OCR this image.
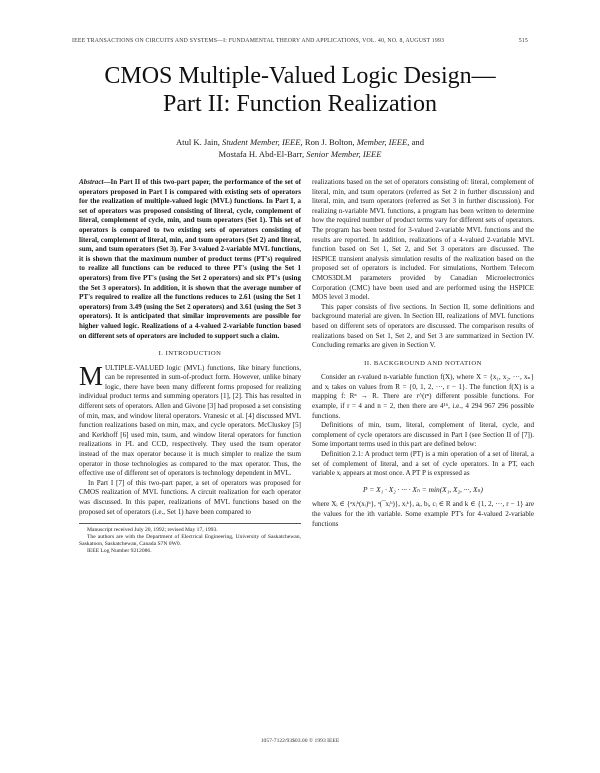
IEEE TRANSACTIONS ON CIRCUITS AND SYSTEMS—I: FUNDAMENTAL THEORY AND APPLICATIONS, VOL. 40, NO. 8, AUGUST 1993	515
CMOS Multiple-Valued Logic Design—
Part II: Function Realization
Atul K. Jain, Student Member, IEEE, Ron J. Bolton, Member, IEEE, and
Mostafa H. Abd-El-Barr, Senior Member, IEEE

Abstract—In Part II of this two-part paper, the performance of the set of operators proposed in Part I is compared with existing sets of operators for the realization of multiple-valued logic (MVL) functions. In Part I, a set of operators was proposed consisting of literal, cycle, complement of literal, complement of cycle, min, and tsum operators (Set 1). This set of operators is compared to two existing sets of operators consisting of literal, complement of literal, min, and tsum operators (Set 2) and literal, sum, and tsum operators (Set 3). For 3-valued 2-variable MVL functions, it is shown that the maximum number of product terms (PT's) required to realize all functions can be reduced to three PT's (using the Set 1 operators) from five PT's (using the Set 2 operators) and six PT's (using the Set 3 operators). In addition, it is shown that the average number of PT's required to realize all the functions reduces to 2.61 (using the Set 1 operators) from 3.49 (using the Set 2 operators) and 3.61 (using the Set 3 operators). It is anticipated that similar improvements are possible for higher valued logic. Realizations of a 4-valued 2-variable function based on different sets of operators are included to support such a claim.

I. INTRODUCTION

MULTIPLE-VALUED logic (MVL) functions, like binary functions, can be represented in sum-of-product form. However, unlike binary logic, there have been many different forms proposed for realizing individual product terms and summing operators [1], [2]. This has resulted in different sets of operators. Allen and Givone [3] had proposed a set consisting of min, max, and window literal operators. Vranesic et al. [4] discussed MVL function realizations based on min, max, and cycle operators. McCluskey [5] and Kerkhoff [6] used min, tsum, and window literal operators for function realizations in I²L and CCD, respectively. They used the tsum operator instead of the max operator because it is much simpler to realize the tsum operator in those technologies as compared to the max operator. Thus, the effective use of different set of operators is technology dependent in MVL.

In Part I [7] of this two-part paper, a set of operators was proposed for CMOS realization of MVL functions. A circuit realization for each operator was discussed. In this paper, realizations of MVL functions based on the proposed set of operators (i.e., Set 1) have been compared to

Manuscript received July 20, 1992; revised May 17, 1993.

The authors are with the Department of Electrical Engineering, University of Saskatchewan, Saskatoon, Saskatchewan, Canada S7N 0W0.

IEEE Log Number 9212086.

realizations based on the set of operators consisting of: literal, complement of literal, min, and tsum operators (referred as Set 2 in further discussion) and literal, min, and tsum operators (referred as Set 3 in further discussion). For realizing n-variable MVL functions, a program has been written to determine how the required number of product terms vary for different sets of operators. The program has been tested for 3-valued 2-variable MVL functions and the results are reported. In addition, realizations of a 4-valued 2-variable MVL function based on Set 1, Set 2, and Set 3 operators are discussed. The HSPICE transient analysis simulation results of the realization based on the proposed set of operators is included. For simulations, Northern Telecom CMOS3DLM parameters provided by Canadian Microelectronics Corporation (CMC) have been used and are performed using the HSPICE MOS level 3 model.

This paper consists of five sections. In Section II, some definitions and background material are given. In Section III, realizations of MVL functions based on different sets of operators are discussed. The comparison results of realizations based on Set 1, Set 2, and Set 3 are summarized in Section IV. Concluding remarks are given in Section V.

II. BACKGROUND AND NOTATION

Consider an r-valued n-variable function f(X), where X = {x₁, x₂, ···, xₙ} and xᵢ takes on values from R = {0, 1, 2, ···, r − 1}. The function f(X) is a mapping f: Rⁿ → R. There are r^(rⁿ) different possible functions. For example, if r = 4 and n = 2, then there are 4¹⁶, i.e., 4 294 967 296 possible functions.

Definitions of min, tsum, literal, complement of literal, cycle, and complement of cycle operators are discussed in Part I (see Section II of [7]). Some important terms used in this part are defined below:

Definition 2.1: A product term (PT) is a min operation of a set of literal, a set of complement of literal, and a set of cycle operators. In a PT, each variable xᵢ appears at most once. A PT P is expressed as

P = X₁ · X₂ · ··· · Xₙ = min(X₁, X₂, ···, Xₙ)

where Xᵢ ∈ {ᵃxᵢᵇ(xᵢ)ᵇ}, ᵃ(¯xᵢᵇ)}, xᵢᵏ}, aᵢ, bᵢ, cᵢ ∈ R and k ∈ {1, 2, ···, r − 1} are the values for the ith variable. Some example PT's for 4-valued 2-variable functions

1057-7122/93$03.00 © 1993 IEEE
